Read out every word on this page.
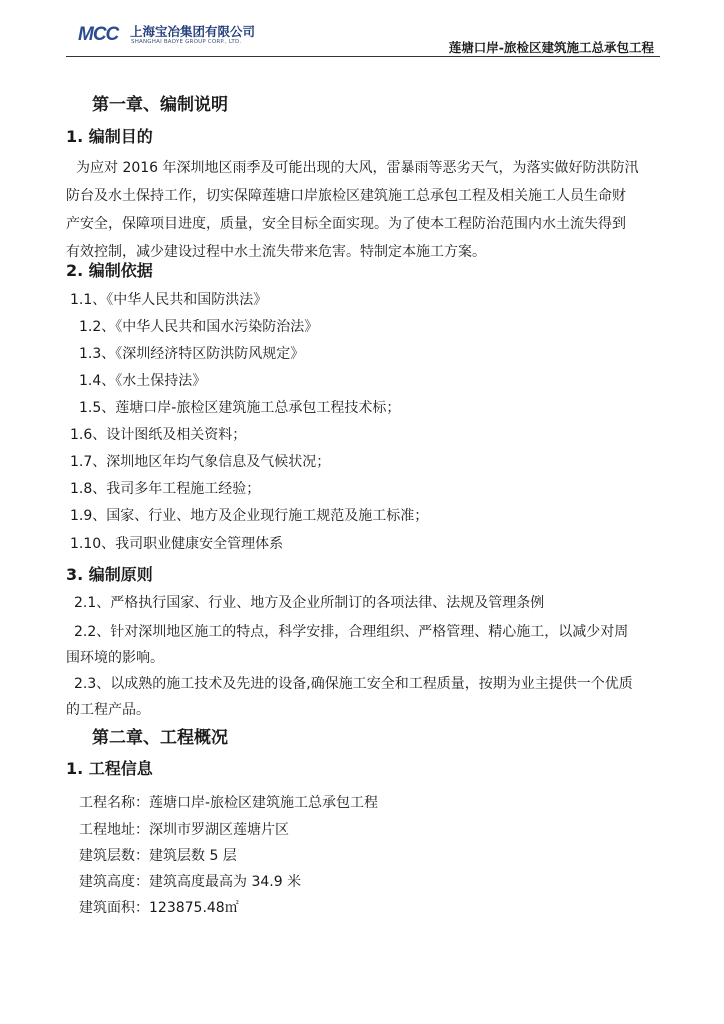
MCC 上海宝冶集团有限公司
SHANGHAI BAOYE GROUP CORP., LTD.	莲塘口岸-旅检区建筑施工总承包工程
第一章、编制说明
1. 编制目的
为应对 2016 年深圳地区雨季及可能出现的大风，雷暴雨等恶劣天气，为落实做好防洪防汛
防台及水土保持工作，切实保障莲塘口岸旅检区建筑施工总承包工程及相关施工人员生命财
产安全，保障项目进度，质量，安全目标全面实现。为了使本工程防治范围内水土流失得到
有效控制，减少建设过程中水土流失带来危害。特制定本施工方案。
2. 编制依据
1.1、《中华人民共和国防洪法》
1.2、《中华人民共和国水污染防治法》
1.3、《深圳经济特区防洪防风规定》
1.4、《水土保持法》
1.5、莲塘口岸-旅检区建筑施工总承包工程技术标；
1.6、设计图纸及相关资料；
1.7、深圳地区年均气象信息及气候状况；
1.8、我司多年工程施工经验；
1.9、国家、行业、地方及企业现行施工规范及施工标准；
1.10、我司职业健康安全管理体系
3. 编制原则
2.1、严格执行国家、行业、地方及企业所制订的各项法律、法规及管理条例
2.2、针对深圳地区施工的特点，科学安排，合理组织、严格管理、精心施工，以减少对周
围环境的影响。
2.3、以成熟的施工技术及先进的设备,确保施工安全和工程质量，按期为业主提供一个优质
的工程产品。
第二章、工程概况
1. 工程信息
工程名称：莲塘口岸-旅检区建筑施工总承包工程
工程地址：深圳市罗湖区莲塘片区
建筑层数：建筑层数 5 层
建筑高度：建筑高度最高为 34.9 米
建筑面积：123875.48㎡
